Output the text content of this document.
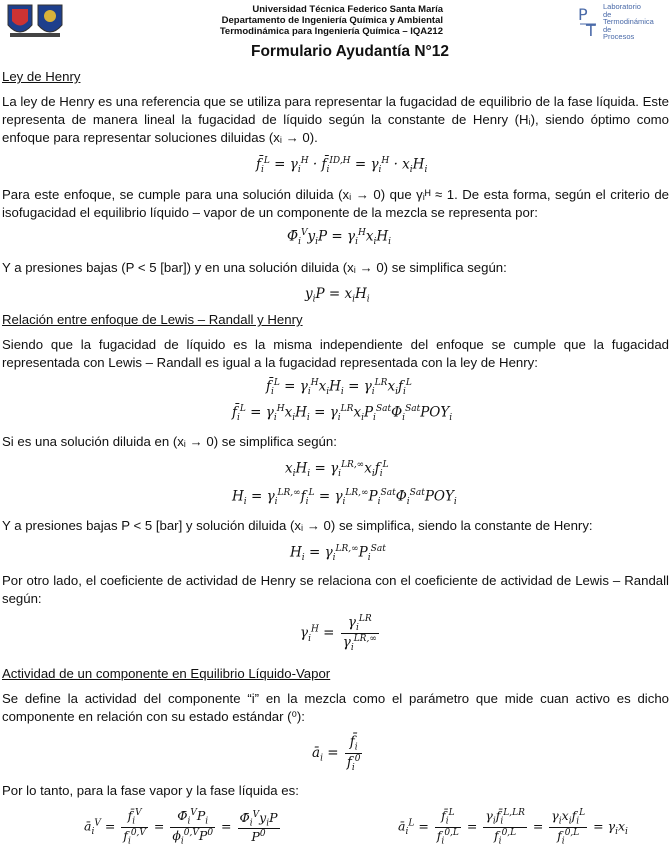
Universidad Técnica Federico Santa María
Departamento de Ingeniería Química y Ambiental
Termodinámica para Ingeniería Química – IQA212
P
T
Laboratorio
de
Termodinámica
de
Procesos
Formulario Ayudantía N°12
Ley de Henry
La ley de Henry es una referencia que se utiliza para representar la fugacidad de equilibrio de la fase líquida. Este representa de manera lineal la fugacidad de líquido según la constante de Henry (Hᵢ), siendo óptimo como enfoque para representar soluciones diluidas (xᵢ → 0).
$f̄_i^L = \gamma_i^H$ · $f̄_i^{ID,H} = \gamma_i^H \cdot x_iH_i$
Para este enfoque, se cumple para una solución diluida (xᵢ → 0) que γᵢᴴ ≈ 1. De esta forma, según el criterio de isofugacidad el equilibrio líquido – vapor de un componente de la mezcla se representa por:
$\Phī_i^Vy_iP = \gamma_i^Hx_iH_i$
Y a presiones bajas (P < 5 [bar]) y en una solución diluida (xᵢ → 0) se simplifica según:
$y_iP = x_iH_i$
Relación entre enfoque de Lewis – Randall y Henry
Siendo que la fugacidad de líquido es la misma independiente del enfoque se cumple que la fugacidad representada con Lewis – Randall es igual a la fugacidad representada con la ley de Henry:
$f̄_i^L = \gamma_i^Hx_iH_i = \gamma_i^{LR}x_if_i^L$
$f̄_i^L = \gamma_i^Hx_iH_i = \gamma_i^{LR}x_iP_i^{Sat}\Phi_i^{Sat}POY_i$
Si es una solución diluida en (xᵢ → 0) se simplifica según:
$x_iH_i = \gamma_i^{LR,\infty}x_if_i^L$
$H_i = \gamma_i^{LR,\infty}f_i^L = \gamma_i^{LR,\infty}P_i^{Sat}\Phi_i^{Sat}POY_i$
Y a presiones bajas P < 5 [bar] y solución diluida (xᵢ → 0) se simplifica, siendo la constante de Henry:
$H_i = \gamma_i^{LR,\infty}P_i^{Sat}$
Por otro lado, el coeficiente de actividad de Henry se relaciona con el coeficiente de actividad de Lewis – Randall según:
$\gamma_i^H = \frac{\gamma_i^{LR}}{\gamma_i^{LR,\infty}}$
Actividad de un componente en Equilibrio Líquido-Vapor
Se define la actividad del componente “i” en la mezcla como el parámetro que mide cuan activo es dicho componente en relación con su estado estándar (⁰):
$ā_i = \frac{f̄_i}{f_i^0}$
Por lo tanto, para la fase vapor y la fase líquida es:
$ā_i^V = \frac{f̄_i^V}{f_i^{0,V}} = \frac{\Phī_i^VP_i}{\phi_i^{0,V}P^0} = \frac{\Phī_i^Vy_iP}{P^0}$	$ā_i^L = \frac{f̄_i^L}{f_i^{0,L}} = \frac{\gamma_if̄_i^{L,LR}}{f_i^{0,L}} = \frac{\gamma_ix_if_i^L}{f_i^{0,L}} = \gamma_ix_i$
